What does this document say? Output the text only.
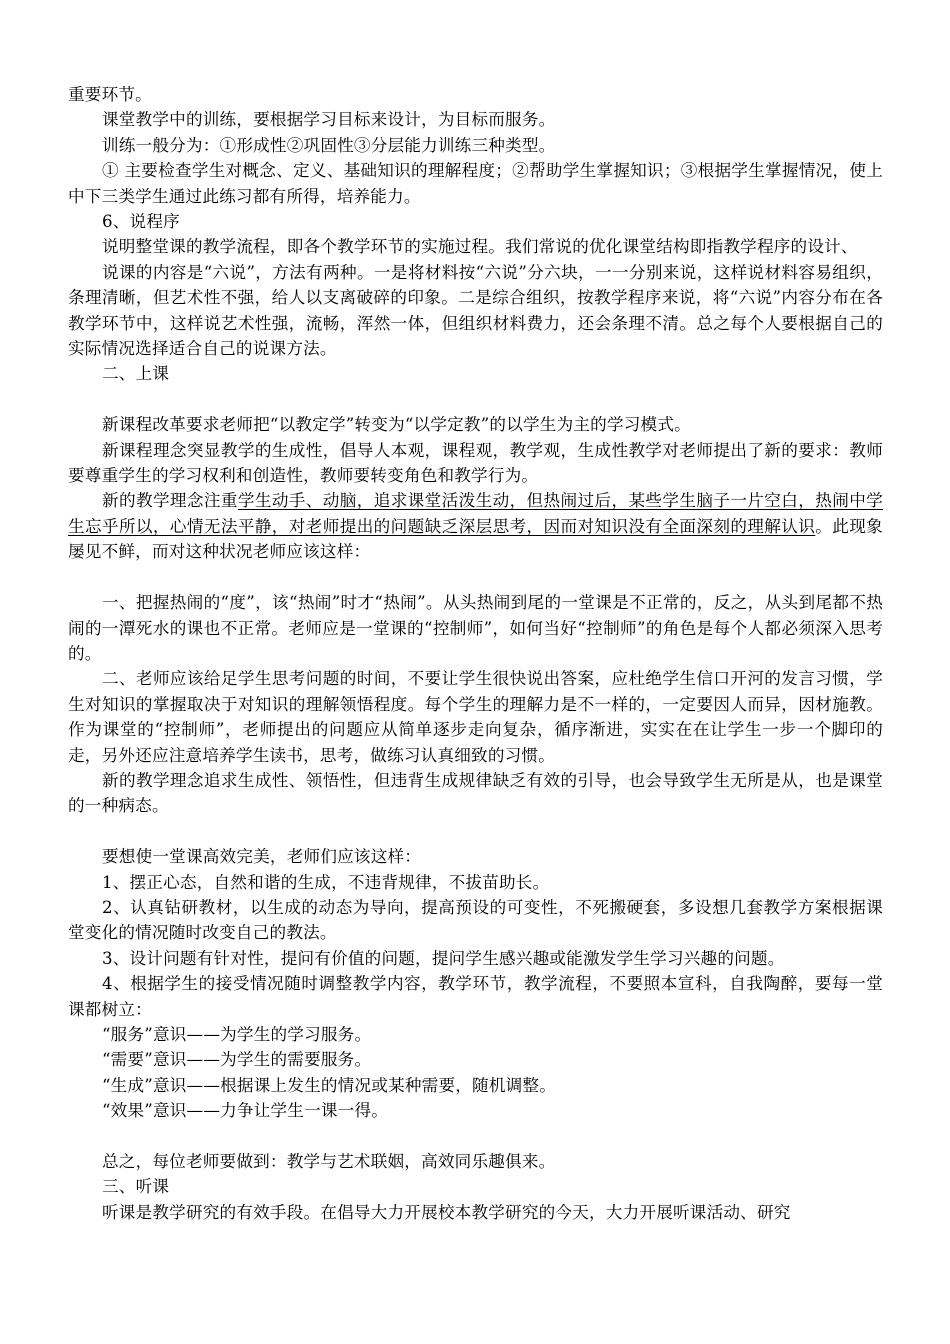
重要环节。

课堂教学中的训练，要根据学习目标来设计，为目标而服务。

训练一般分为：①形成性②巩固性③分层能力训练三种类型。

① 主要检查学生对概念、定义、基础知识的理解程度；②帮助学生掌握知识；③根据学生掌握情况，使上中下三类学生通过此练习都有所得，培养能力。

6、说程序

说明整堂课的教学流程，即各个教学环节的实施过程。我们常说的优化课堂结构即指教学程序的设计、

说课的内容是“六说”，方法有两种。一是将材料按“六说”分六块，一一分别来说，这样说材料容易组织，条理清晰，但艺术性不强，给人以支离破碎的印象。二是综合组织，按教学程序来说，将“六说”内容分布在各教学环节中，这样说艺术性强，流畅，浑然一体，但组织材料费力，还会条理不清。总之每个人要根据自己的实际情况选择适合自己的说课方法。

二、上课

新课程改革要求老师把“以教定学”转变为“以学定教”的以学生为主的学习模式。

新课程理念突显教学的生成性，倡导人本观，课程观，教学观，生成性教学对老师提出了新的要求：教师要尊重学生的学习权利和创造性，教师要转变角色和教学行为。

新的教学理念注重学生动手、动脑，追求课堂活泼生动，但热闹过后，某些学生脑子一片空白，热闹中学生忘乎所以，心情无法平静，对老师提出的问题缺乏深层思考，因而对知识没有全面深刻的理解认识。此现象屡见不鲜，而对这种状况老师应该这样：

一、把握热闹的“度”，该“热闹”时才“热闹”。从头热闹到尾的一堂课是不正常的，反之，从头到尾都不热闹的一潭死水的课也不正常。老师应是一堂课的“控制师”，如何当好“控制师”的角色是每个人都必须深入思考的。

二、老师应该给足学生思考问题的时间，不要让学生很快说出答案，应杜绝学生信口开河的发言习惯，学生对知识的掌握取决于对知识的理解领悟程度。每个学生的理解力是不一样的，一定要因人而异，因材施教。作为课堂的“控制师”，老师提出的问题应从简单逐步走向复杂，循序渐进，实实在在让学生一步一个脚印的走，另外还应注意培养学生读书，思考，做练习认真细致的习惯。

新的教学理念追求生成性、领悟性，但违背生成规律缺乏有效的引导，也会导致学生无所是从，也是课堂的一种病态。

要想使一堂课高效完美，老师们应该这样：

1、摆正心态，自然和谐的生成，不违背规律，不拔苗助长。

2、认真钻研教材，以生成的动态为导向，提高预设的可变性，不死搬硬套，多设想几套教学方案根据课堂变化的情况随时改变自己的教法。

3、设计问题有针对性，提问有价值的问题，提问学生感兴趣或能激发学生学习兴趣的问题。

4、根据学生的接受情况随时调整教学内容，教学环节，教学流程，不要照本宣科，自我陶醉，要每一堂课都树立：

“服务”意识——为学生的学习服务。

“需要”意识——为学生的需要服务。

“生成”意识——根据课上发生的情况或某种需要，随机调整。

“效果”意识——力争让学生一课一得。

总之，每位老师要做到：教学与艺术联姻，高效同乐趣俱来。

三、听课

听课是教学研究的有效手段。在倡导大力开展校本教学研究的今天，大力开展听课活动、研究
